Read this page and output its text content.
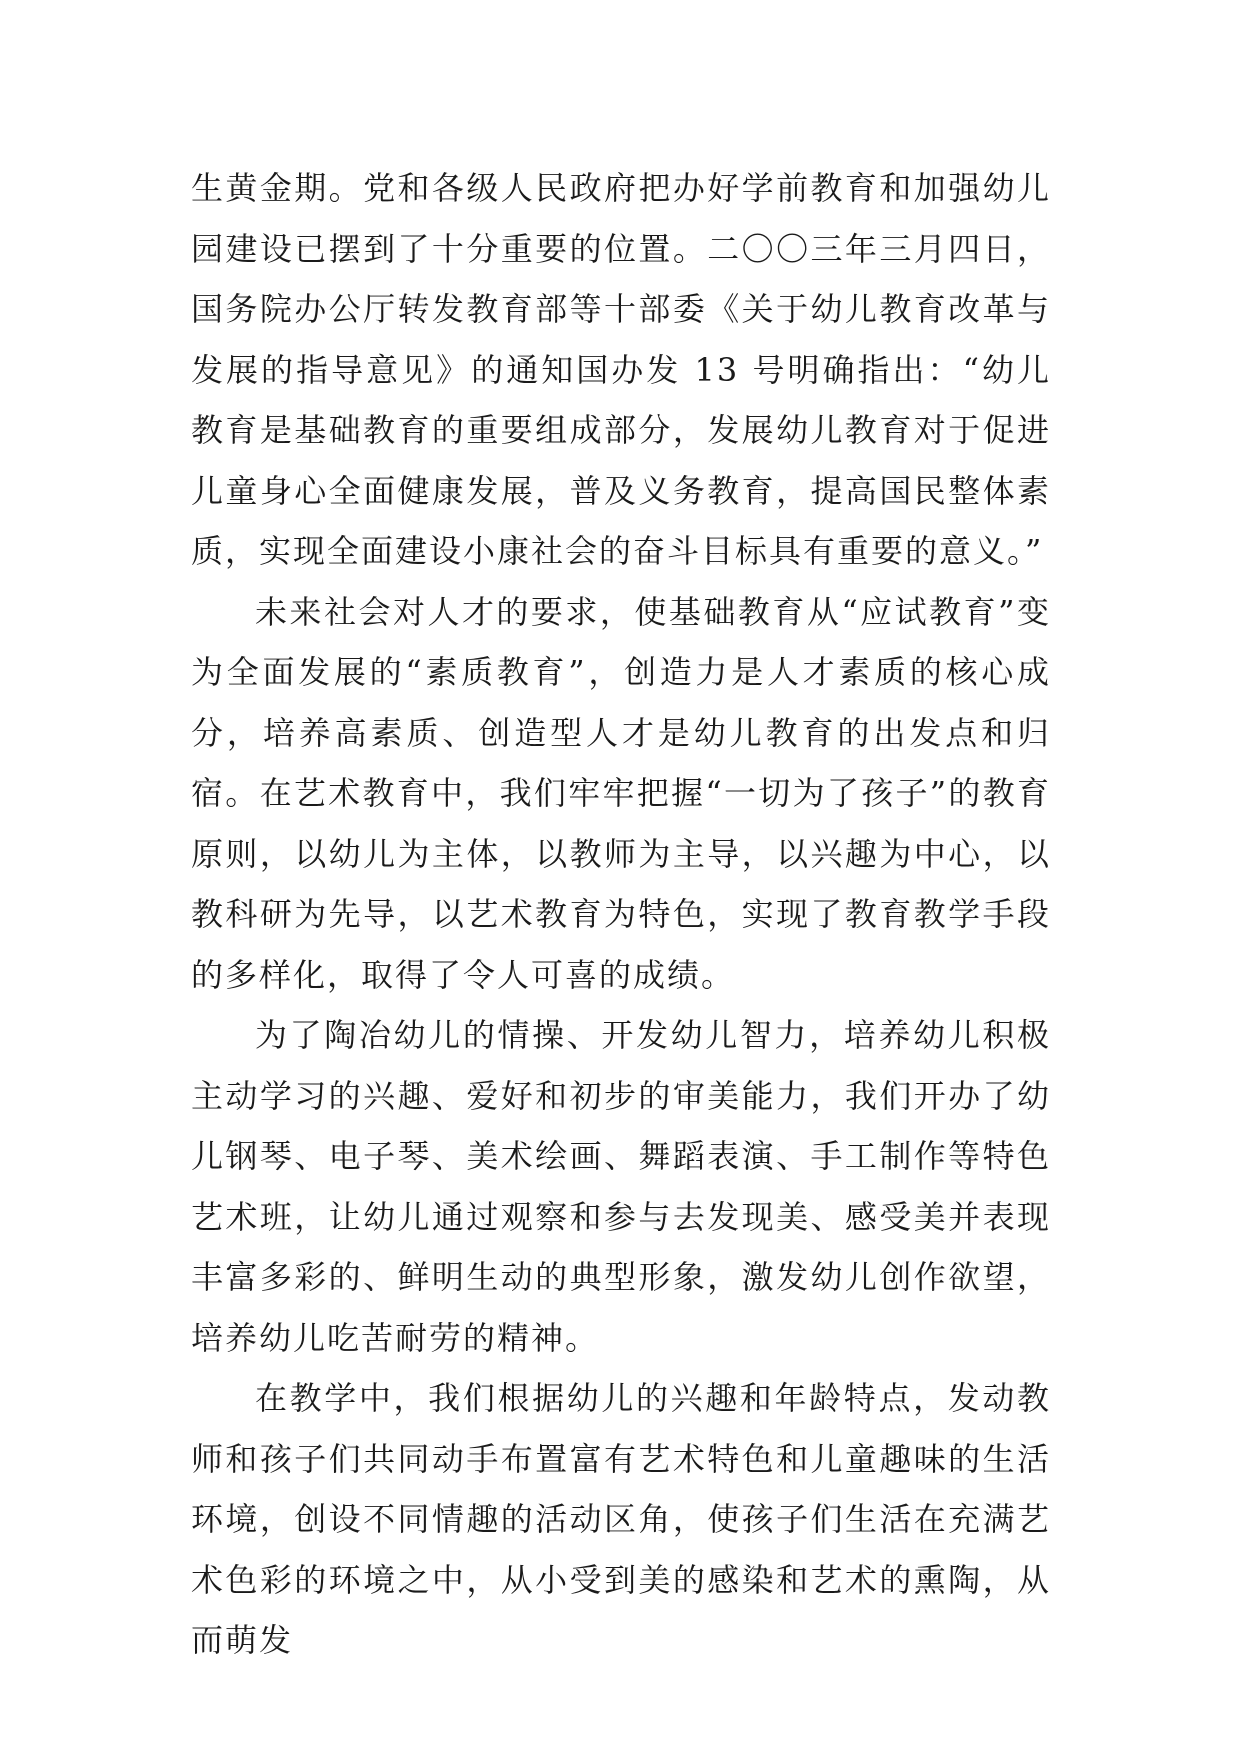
生黄金期。党和各级人民政府把办好学前教育和加强幼儿园建设已摆到了十分重要的位置。二〇〇三年三月四日，国务院办公厅转发教育部等十部委《关于幼儿教育改革与发展的指导意见》的通知国办发 13 号明确指出：“幼儿教育是基础教育的重要组成部分，发展幼儿教育对于促进儿童身心全面健康发展，普及义务教育，提高国民整体素质，实现全面建设小康社会的奋斗目标具有重要的意义。”

未来社会对人才的要求，使基础教育从“应试教育”变为全面发展的“素质教育”，创造力是人才素质的核心成分，培养高素质、创造型人才是幼儿教育的出发点和归宿。在艺术教育中，我们牢牢把握“一切为了孩子”的教育原则，以幼儿为主体，以教师为主导，以兴趣为中心，以教科研为先导，以艺术教育为特色，实现了教育教学手段的多样化，取得了令人可喜的成绩。

为了陶冶幼儿的情操、开发幼儿智力，培养幼儿积极主动学习的兴趣、爱好和初步的审美能力，我们开办了幼儿钢琴、电子琴、美术绘画、舞蹈表演、手工制作等特色艺术班，让幼儿通过观察和参与去发现美、感受美并表现丰富多彩的、鲜明生动的典型形象，激发幼儿创作欲望，培养幼儿吃苦耐劳的精神。

在教学中，我们根据幼儿的兴趣和年龄特点，发动教师和孩子们共同动手布置富有艺术特色和儿童趣味的生活环境，创设不同情趣的活动区角，使孩子们生活在充满艺术色彩的环境之中，从小受到美的感染和艺术的熏陶，从而萌发
